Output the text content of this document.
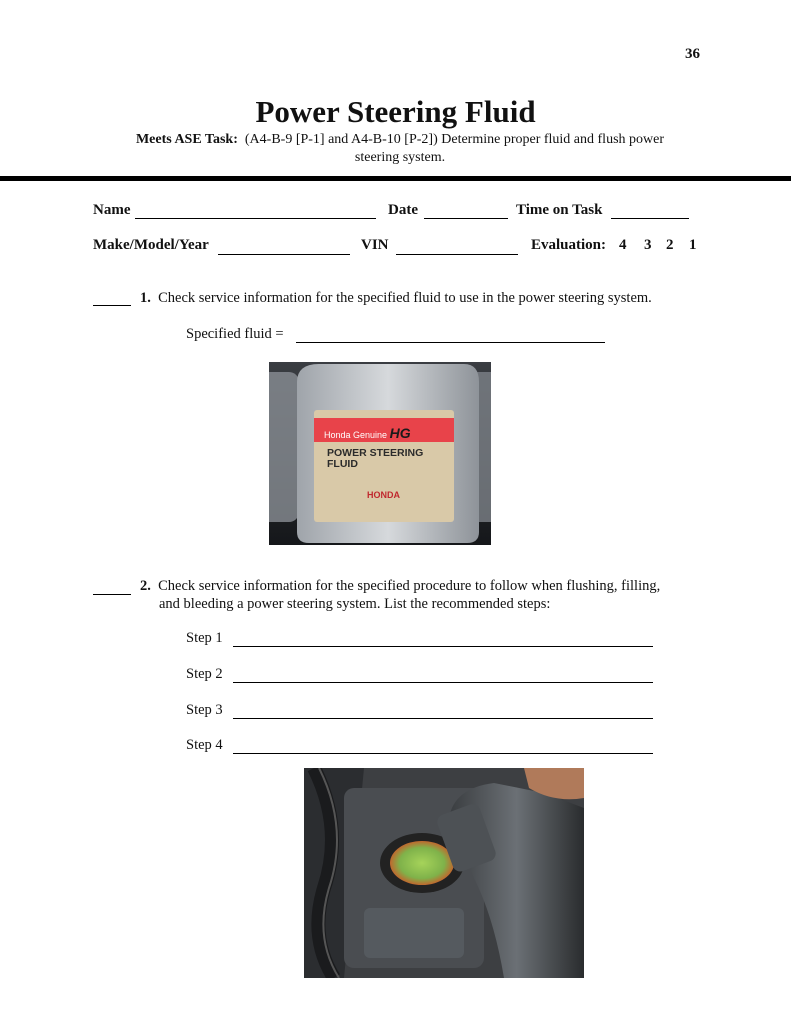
36
Power Steering Fluid
Meets ASE Task: (A4-B-9 [P-1] and A4-B-10 [P-2]) Determine proper fluid and flush power
steering system.
Name	Date	Time on Task
Make/Model/Year	VIN	Evaluation: 4 3 2 1
1. Check service information for the specified fluid to use in the power steering system.
Specified fluid =
Honda Genuine HG
POWER STEERING
FLUID
HONDA
2. Check service information for the specified procedure to follow when flushing, filling,
and bleeding a power steering system. List the recommended steps:
Step 1
Step 2
Step 3
Step 4
